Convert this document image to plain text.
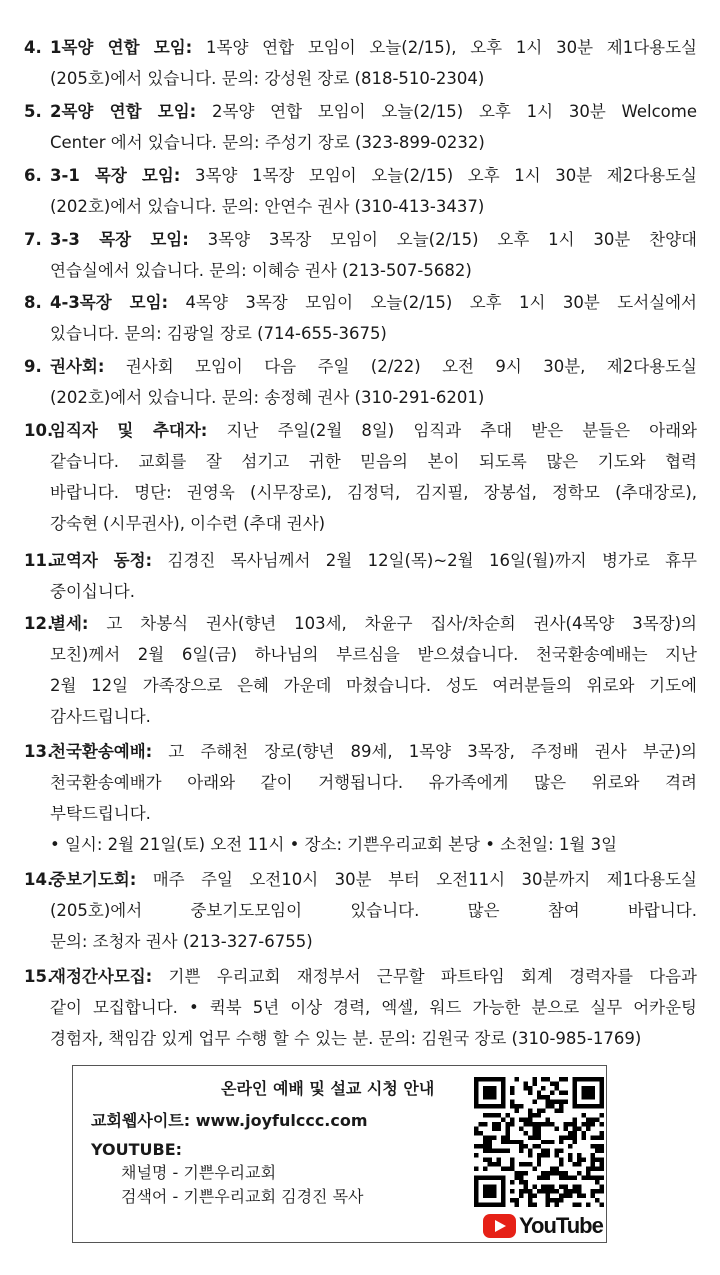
4. 1목양 연합 모임: 1목양 연합 모임이 오늘(2/15), 오후 1시 30분 제1다용도실
(205호)에서 있습니다. 문의: 강성원 장로 (818-510-2304)
5. 2목양 연합 모임: 2목양 연합 모임이 오늘(2/15) 오후 1시 30분 Welcome
Center 에서 있습니다. 문의: 주성기 장로 (323-899-0232)
6. 3-1 목장 모임: 3목양 1목장 모임이 오늘(2/15) 오후 1시 30분 제2다용도실
(202호)에서 있습니다. 문의: 안연수 권사 (310-413-3437)
7. 3-3 목장 모임: 3목양 3목장 모임이 오늘(2/15) 오후 1시 30분 찬양대
연습실에서 있습니다. 문의: 이혜승 권사 (213-507-5682)
8. 4-3목장 모임: 4목양 3목장 모임이 오늘(2/15) 오후 1시 30분 도서실에서
있습니다. 문의: 김광일 장로 (714-655-3675)
9. 권사회: 권사회 모임이 다음 주일 (2/22) 오전 9시 30분, 제2다용도실
(202호)에서 있습니다. 문의: 송정혜 권사 (310-291-6201)
10.
임직자 및 추대자: 지난 주일(2월 8일) 임직과 추대 받은 분들은 아래와
같습니다. 교회를 잘 섬기고 귀한 믿음의 본이 되도록 많은 기도와 협력
바랍니다. 명단: 권영욱 (시무장로), 김정덕, 김지필, 장봉섭, 정학모 (추대장로),
강숙현 (시무권사), 이수련 (추대 권사)
11.
교역자 동정: 김경진 목사님께서 2월 12일(목)~2월 16일(월)까지 병가로 휴무
중이십니다.
12.
별세: 고 차봉식 권사(향년 103세, 차윤구 집사/차순희 권사(4목양 3목장)의
모친)께서 2월 6일(금) 하나님의 부르심을 받으셨습니다. 천국환송예배는 지난
2월 12일 가족장으로 은혜 가운데 마쳤습니다. 성도 여러분들의 위로와 기도에
감사드립니다.
13.
천국환송예배: 고 주해천 장로(향년 89세, 1목양 3목장, 주정배 권사 부군)의
천국환송예배가 아래와 같이 거행됩니다. 유가족에게 많은 위로와 격려
부탁드립니다.
• 일시: 2월 21일(토) 오전 11시 • 장소: 기쁜우리교회 본당 • 소천일: 1월 3일
14.
중보기도회: 매주 주일 오전10시 30분 부터 오전11시 30분까지 제1다용도실
(205호)에서 중보기도모임이 있습니다. 많은 참여 바랍니다.
문의: 조청자 권사 (213-327-6755)
15.
재정간사모집: 기쁜 우리교회 재정부서 근무할 파트타임 회계 경력자를 다음과
같이 모집합니다. • 퀵북 5년 이상 경력, 엑셀, 워드 가능한 분으로 실무 어카운팅
경험자, 책임감 있게 업무 수행 할 수 있는 분. 문의: 김원국 장로 (310-985-1769)
온라인 예배 및 설교 시청 안내
교회웹사이트: www.joyfulccc.com
YOUTUBE:
채널명 - 기쁜우리교회
검색어 - 기쁜우리교회 김경진 목사
YouTube
